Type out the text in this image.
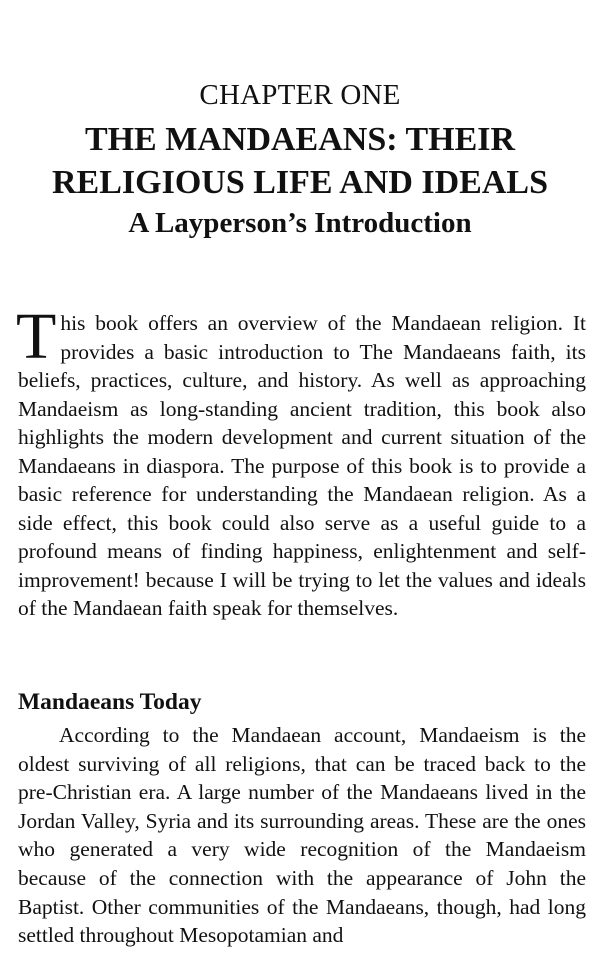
CHAPTER ONE
THE MANDAEANS: THEIR
RELIGIOUS LIFE AND IDEALS
A Layperson’s Introduction

This book offers an overview of the Mandaean religion. It provides a basic introduction to The Mandaeans faith, its beliefs, practices, culture, and history. As well as approaching Mandaeism as long-standing ancient tradition, this book also highlights the modern development and current situation of the Mandaeans in diaspora. The purpose of this book is to provide a basic reference for understanding the Mandaean religion. As a side effect, this book could also serve as a useful guide to a profound means of finding happiness, enlightenment and self-improvement! because I will be trying to let the values and ideals of the Mandaean faith speak for themselves.

Mandaeans Today

According to the Mandaean account, Mandaeism is the oldest surviving of all religions, that can be traced back to the pre-Christian era. A large number of the Mandaeans lived in the Jordan Valley, Syria and its surrounding areas. These are the ones who generated a very wide recognition of the Mandaeism because of the connection with the appearance of John the Baptist. Other communities of the Mandaeans, though, had long settled throughout Mesopotamian and
